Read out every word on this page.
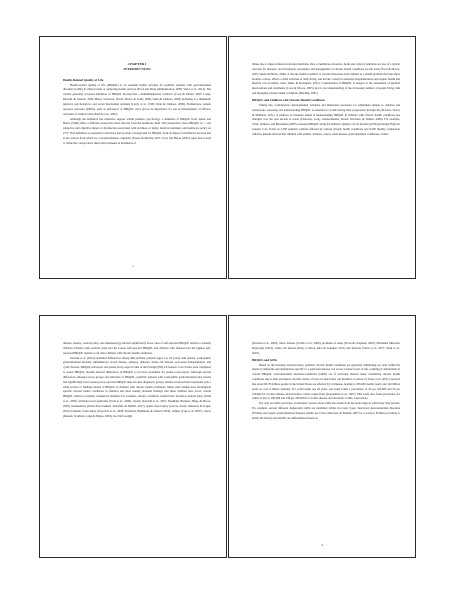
CHAPTER I
INTRODUCTION
Health-Related Quality of Life

Health-related quality of life (HRQOL) is an essential health outcome for pediatric patients with gastrointestinal disorders (GIDs) in clinical trials or analyzing health services (Food and Drug Administration, 2009; Varni et al., 2014). The current generally accepted definition of HRQOL incorporates a multidimensional construct (Coon & Moore, 2005; Lasky, Revicki, & Ganesh, 1999; Mirza, Svensson, Nicoll, Shortt, & Leidy, 2006; Varni & Limbers, 2009) including at a minimum: physical, psychological, and social functioning domains (Leidy et al., 1999; Varni & Limbers, 2009). Furthermore, patient reported outcomes (PROs), such as self-report of HRQOL, have grown in importance for use in measurement of efficacy outcomes of clinical trials (Patrick et al., 2007).

Although the definition has extensive support within pediatric psychology, a definition of HRQOL from Spieth and Harris (1996) offers a different perspective more directly from the healthcare field. This perspective views HRQOL as "…the subjective and objective impact of dysfunction associated with an illness or injury, medical treatment, and healthcare policy on (77)" This definition is presented to introduce and provide a background for HRQOL from its impact in healthcare because this is the context from which we conceptualization originates (Fayers & Machin, 2011; Gray and Hayes (2001) argue that it need to refine the concept since there improvements in treatments of

1

illness due to improvements in modern medicine. Due to healthcare advances, death and critical conditions are less of a typical outcome for diseases, and fortunately, prevalence and management of chronic health conditions are the norm (Food & Moore, 2005; Spieth & Harris, 1996). A chronic health condition or chronic illness has been defined as a health problem that lasts three months or more, affects a child activities of daily living, and invoke a need for extensive hospitalizations and regular health and medical care (Compas, Jaser, Dunn, & Rodriguez, 2012). Consideration of HRQOL is integral to the assessment of medical interventions and treatments (Coon & Moore, 2005) and to our understanding of the increasing number of people living with and managing chronic health conditions (Harding, 2001).

HRQOL and Children with Chronic Health Conditions

Taking into consideration developmental variables and milestones necessary for adjustment unique to children and adolescents, assessing and understanding HRQOL is essential for youth having their progression through life (Ravens, Wood, & Mullinax, 2011). A plethora of literature aimed at understanding HRQOL in children with chronic health conditions has emerged over the past decade as noted (Patterson, Long, Gurnsodisenbe, Droter, Kirchner, & Walker, 2006). For example, Varni, Limbers, and Burwinkle (2007b) assessed HRQOL using the Pediatric Quality of Life Inventory(TM) (PedsQL(TM)) 4.0 Generic Core Scales in 2,500 pediatric patients affected by various chronic health conditions and 9,500 healthy comparison children. Results showed that children with asthma, diabetes, cancer, renal disease, gastrointestinal conditions, cardiac

disease, obesity, cerebral palsy, and rheumatology showed significantly lower rates of self-reported HRQOL relative to healthy children. Patients with cerebral palsy had the lowest self-reported HRQOL and children with diabetes had the highest self-reported HRQOL relative to all other children with chronic health conditions.

Sawicki et al. (2014) examined differences among 996 pediatric patients (ages 2 to 18 years) with obesity, eosinophilic gastrointestinal disorder, inflammatory bowel disease, epilepsy, diabetes, sickle cell disease, post-renal transplantation, and cystic fibrosis. HRQOL self-report and parent proxy-report forms of the PedsQL(TM) 4.0 Generic Core Scales were completed to assess HRQOL. Results showed differences in HRQOL to be more prominent for parent proxy-report. Although several differences emerged across groups and subscales of HRQOL, pediatric patients with eosinophilic gastrointestinal and obesity had significantly lower parent proxy-reported HRQOL than all other diagnostic groups. Studies reviewed here represents only a small portion of findings related to HRQOL in children with chronic health conditions. Many other studies have investigated specific chronic health conditions in children and most usually included findings that these children have lower overall HRQOL relative to healthy comparison children. For example, chronic conditions studied have included cerebral palsy (Varni et al., 2005), irritable bowel syndrome (Varni et al., 2006), obesity (Sawicki et al., 2010; Needham, Buckner, Haug, & Moore, 2005), thalassemias (Wolar-Fox-Sonkarit, Ziebrfuß, & Dallich, 2017), spinal chord injury (Garcia, Korfe, Ozkurick & Torgel, 2019) traumatic brain injury (Popovich et al., 2006; Frederick, Blahnique & Ormerd 2019), asthma (Cruz et al. 2007), cancer (Russell, Stohlrein, Lang & Phipps, 2009), low birth weight

(Rockers et al., 2009), celiac disease (Coutifo et al., 2006), problems of sleep (Sirois & Chapman, 2005), Duchenne Muscular Dystrophy (2014), sickle cell disease (Daly, Coulson, Rice & Lentigen, 2011) and diabetes (Varni et al., 2017; Varni et al., 2018).

HRQOL and GIDs

Based on the literature reviewed here, pediatric chronic health conditions are generally debilitating not only within the physical symptoms and dysfunction specific to a particular disease, but across various facets in life, resulting in impairment in overall HRQOL. Gastrointestinal disorders/conditions (GIDS) are of particular interest when considering chronic health conditions due to their prevalence and the variety of ways in which they can manifest. A review by Peery et al. (2011) reported that about 60-70 million people in the United States are affected by GI disease, leading to 236,000 deaths yearly and 142 billion spent on cost of illness annually. For youth under age 20 years, one study found a prevalence of 43 per 100,000 and 33 per 100,000 for Crohn's disease and ulcerative colitis, respectively (Kappelman et al., 2007). This study also found prevalence for adults of 201 to 100,000 and 238 per 100,000 for Crohn's disease and ulcerative colitis, respectively.

Not only are GIDs pervasive, an elevated concern about GIDs also stems from the wide range in which they may present. For example, several different diagnosable GIDs are identified within two basic types: functional gastrointestinal disorders (FGIDs) and organic gastrointestinal diseases (OGD; see Crans, Mazzone, & Baldini, 2007 for a review). FGIDs (according to Rome III criteria) and OGIDs are differentiated based on

4
